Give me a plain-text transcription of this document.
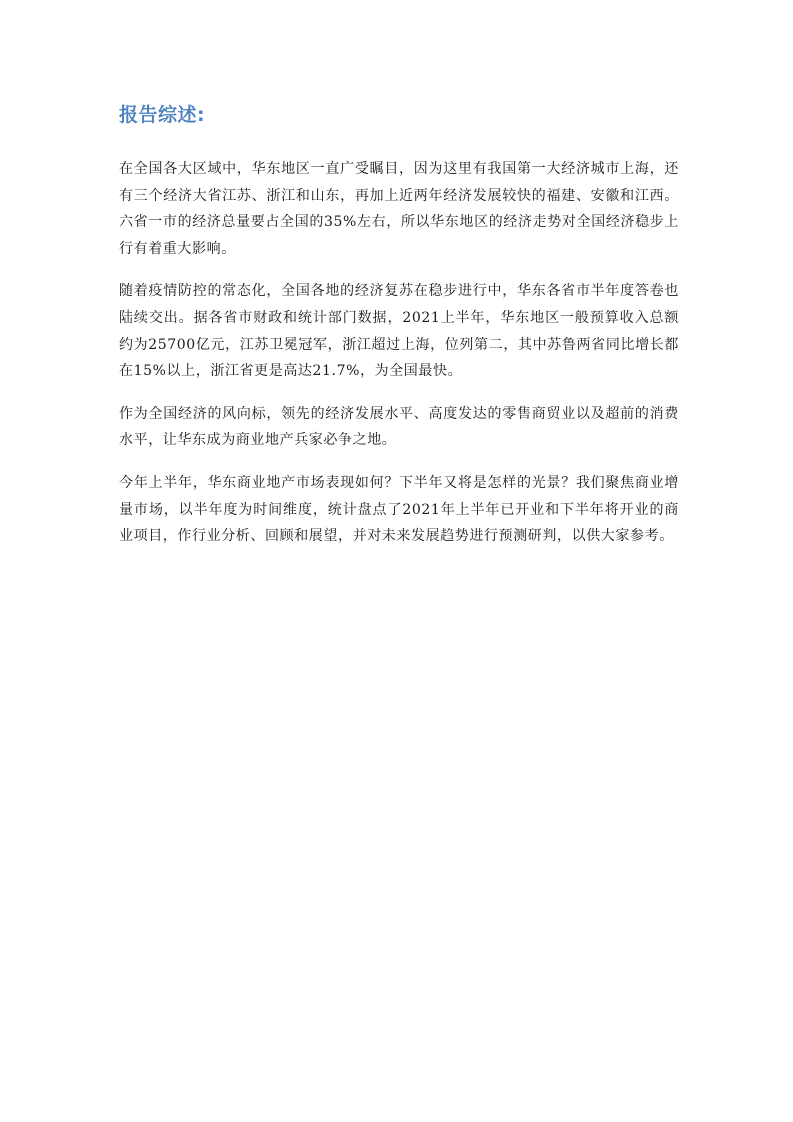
报告综述:

在全国各大区域中，华东地区一直广受瞩目，因为这里有我国第一大经济城市上海，还有三个经济大省江苏、浙江和山东，再加上近两年经济发展较快的福建、安徽和江西。六省一市的经济总量要占全国的35%左右，所以华东地区的经济走势对全国经济稳步上行有着重大影响。

随着疫情防控的常态化，全国各地的经济复苏在稳步进行中，华东各省市半年度答卷也陆续交出。据各省市财政和统计部门数据，2021上半年，华东地区一般预算收入总额约为25700亿元，江苏卫冕冠军，浙江超过上海，位列第二，其中苏鲁两省同比增长都在15%以上，浙江省更是高达21.7%，为全国最快。

作为全国经济的风向标，领先的经济发展水平、高度发达的零售商贸业以及超前的消费水平，让华东成为商业地产兵家必争之地。

今年上半年，华东商业地产市场表现如何？下半年又将是怎样的光景？我们聚焦商业增量市场，以半年度为时间维度，统计盘点了2021年上半年已开业和下半年将开业的商业项目，作行业分析、回顾和展望，并对未来发展趋势进行预测研判，以供大家参考。
